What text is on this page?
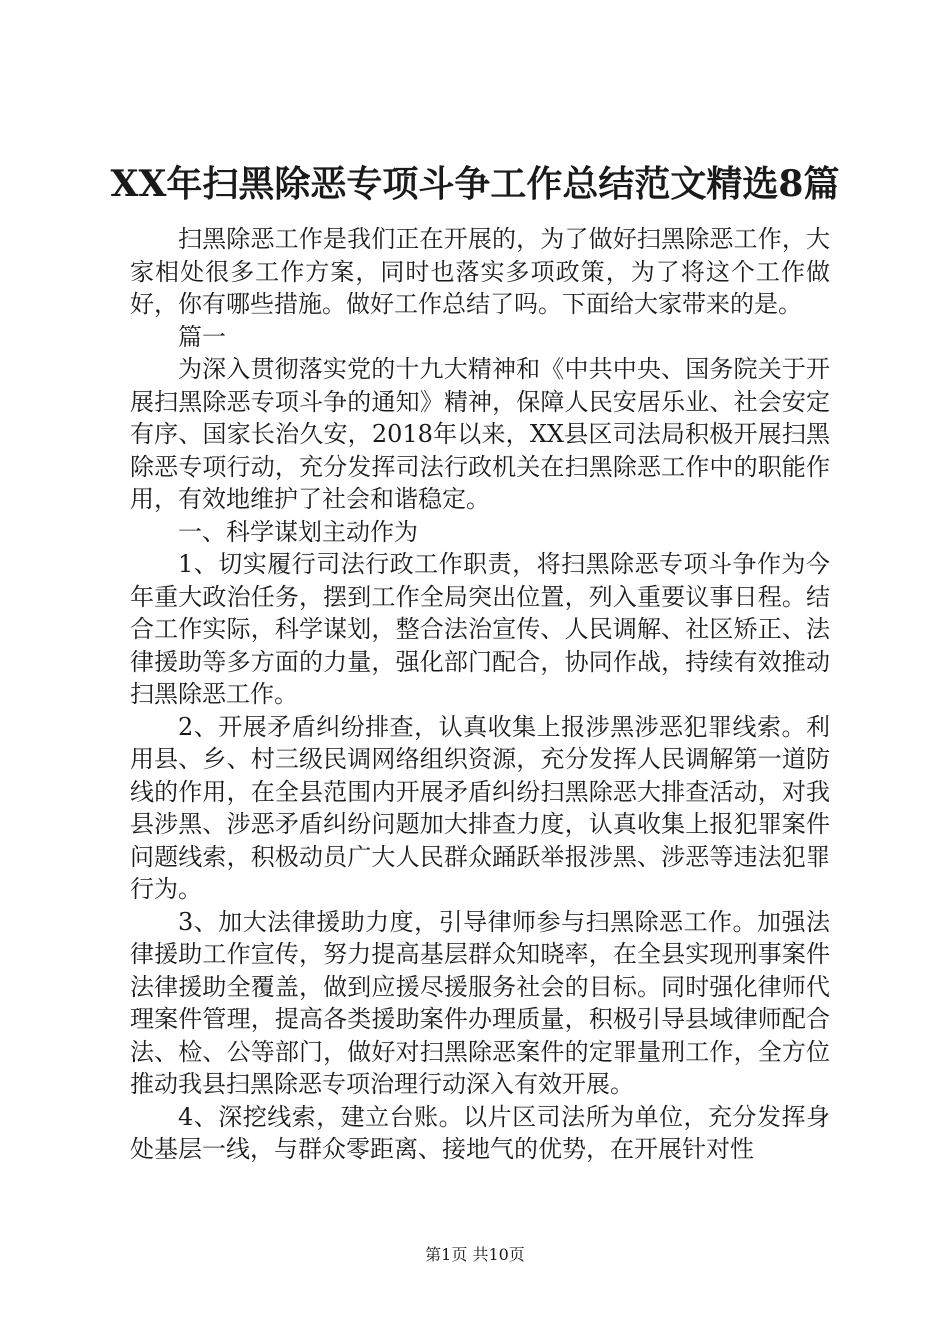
XX年扫黑除恶专项斗争工作总结范文精选8篇

扫黑除恶工作是我们正在开展的，为了做好扫黑除恶工作，大家相处很多工作方案，同时也落实多项政策，为了将这个工作做好，你有哪些措施。做好工作总结了吗。下面给大家带来的是。

篇一

为深入贯彻落实党的十九大精神和《中共中央、国务院关于开展扫黑除恶专项斗争的通知》精神，保障人民安居乐业、社会安定有序、国家长治久安，2018年以来，XX县区司法局积极开展扫黑除恶专项行动，充分发挥司法行政机关在扫黑除恶工作中的职能作用，有效地维护了社会和谐稳定。

一、科学谋划主动作为

1、切实履行司法行政工作职责，将扫黑除恶专项斗争作为今年重大政治任务，摆到工作全局突出位置，列入重要议事日程。结合工作实际，科学谋划，整合法治宣传、人民调解、社区矫正、法律援助等多方面的力量，强化部门配合，协同作战，持续有效推动扫黑除恶工作。

2、开展矛盾纠纷排查，认真收集上报涉黑涉恶犯罪线索。利用县、乡、村三级民调网络组织资源，充分发挥人民调解第一道防线的作用，在全县范围内开展矛盾纠纷扫黑除恶大排查活动，对我县涉黑、涉恶矛盾纠纷问题加大排查力度，认真收集上报犯罪案件问题线索，积极动员广大人民群众踊跃举报涉黑、涉恶等违法犯罪行为。

3、加大法律援助力度，引导律师参与扫黑除恶工作。加强法律援助工作宣传，努力提高基层群众知晓率，在全县实现刑事案件法律援助全覆盖，做到应援尽援服务社会的目标。同时强化律师代理案件管理，提高各类援助案件办理质量，积极引导县域律师配合法、检、公等部门，做好对扫黑除恶案件的定罪量刑工作，全方位推动我县扫黑除恶专项治理行动深入有效开展。

4、深挖线索，建立台账。以片区司法所为单位，充分发挥身处基层一线，与群众零距离、接地气的优势，在开展针对性

第1页 共10页
